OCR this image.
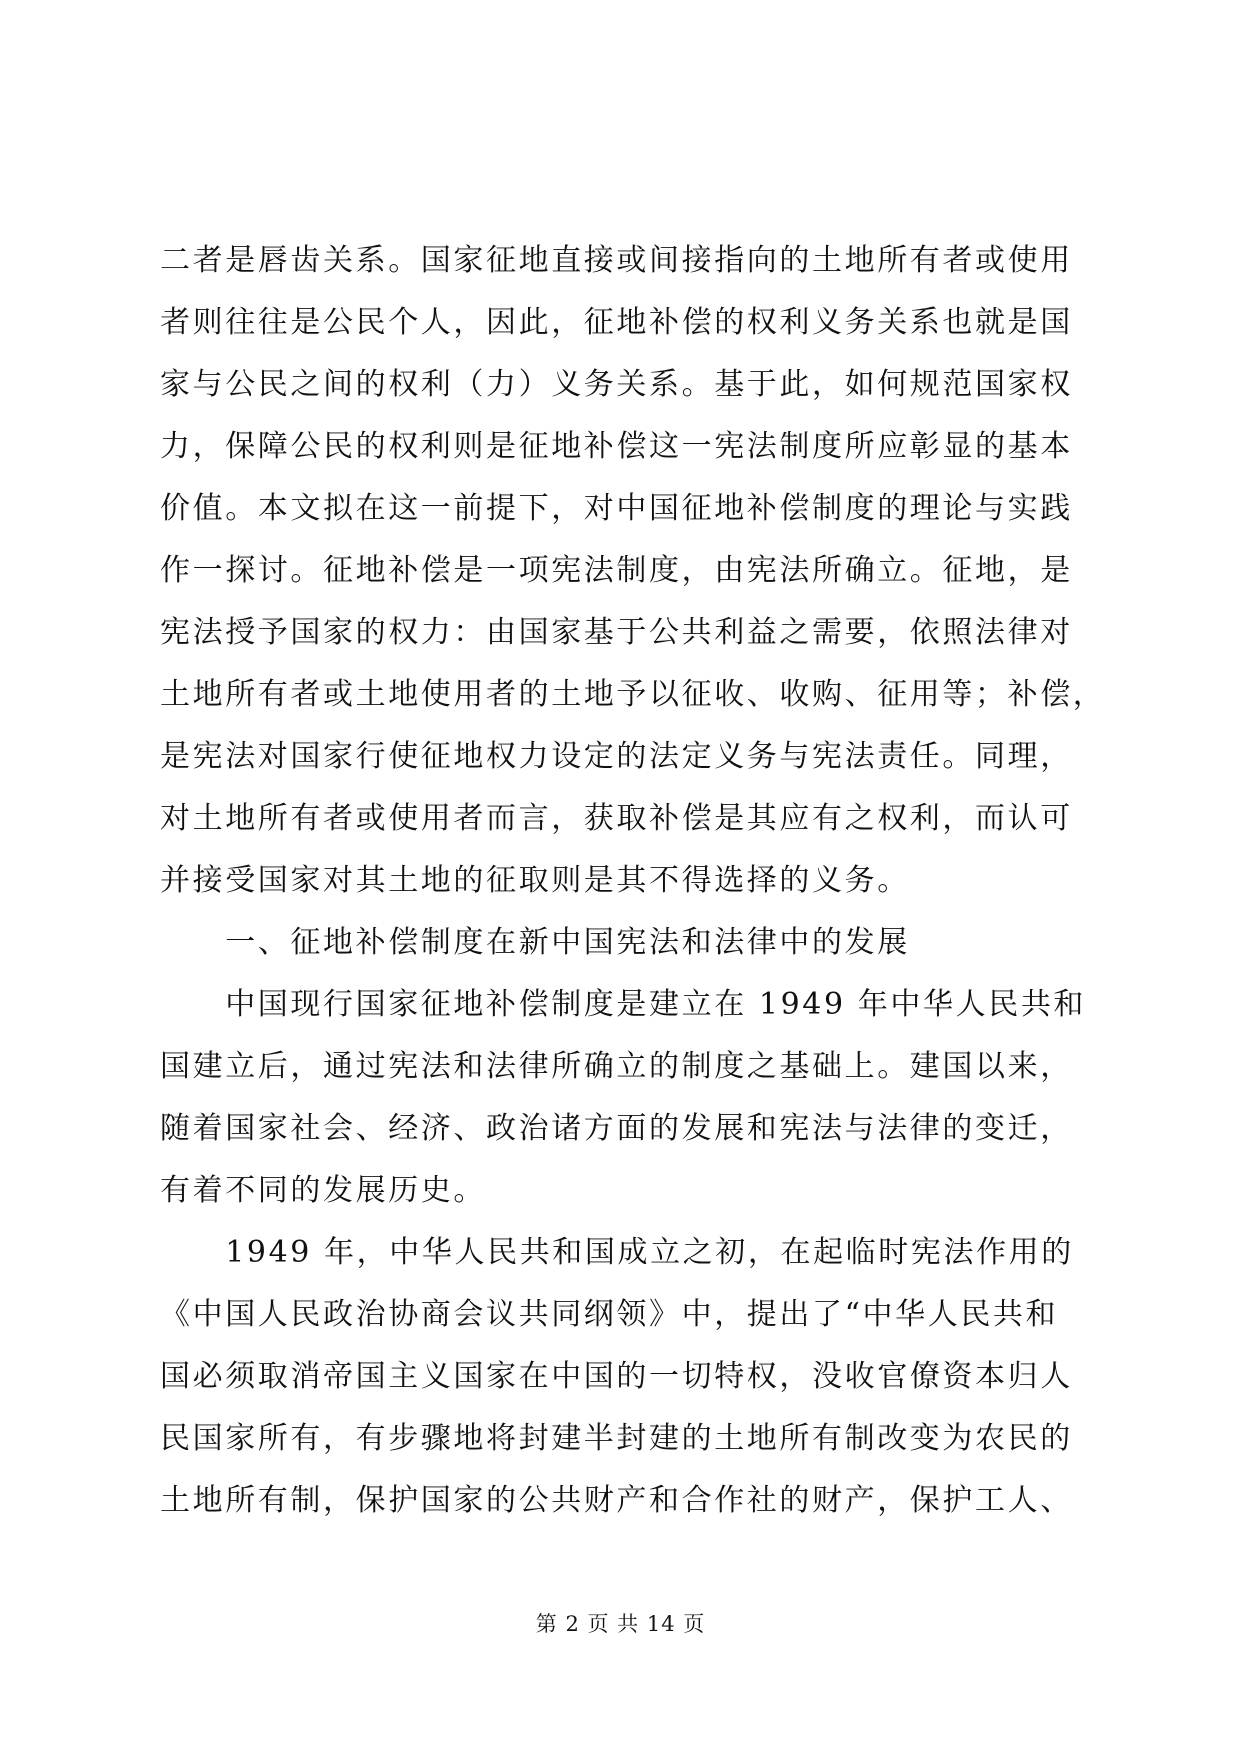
二者是唇齿关系。国家征地直接或间接指向的土地所有者或使用
者则往往是公民个人，因此，征地补偿的权利义务关系也就是国
家与公民之间的权利（力）义务关系。基于此，如何规范国家权
力，保障公民的权利则是征地补偿这一宪法制度所应彰显的基本
价值。本文拟在这一前提下，对中国征地补偿制度的理论与实践
作一探讨。征地补偿是一项宪法制度，由宪法所确立。征地，是
宪法授予国家的权力：由国家基于公共利益之需要，依照法律对
土地所有者或土地使用者的土地予以征收、收购、征用等；补偿，
是宪法对国家行使征地权力设定的法定义务与宪法责任。同理，
对土地所有者或使用者而言，获取补偿是其应有之权利，而认可
并接受国家对其土地的征取则是其不得选择的义务。
　　一、征地补偿制度在新中国宪法和法律中的发展
　　中国现行国家征地补偿制度是建立在 1949 年中华人民共和
国建立后，通过宪法和法律所确立的制度之基础上。建国以来，
随着国家社会、经济、政治诸方面的发展和宪法与法律的变迁，
有着不同的发展历史。
　　1949 年，中华人民共和国成立之初，在起临时宪法作用的
《中国人民政治协商会议共同纲领》中，提出了“中华人民共和
国必须取消帝国主义国家在中国的一切特权，没收官僚资本归人
民国家所有，有步骤地将封建半封建的土地所有制改变为农民的
土地所有制，保护国家的公共财产和合作社的财产，保护工人、
第 2 页 共 14 页
